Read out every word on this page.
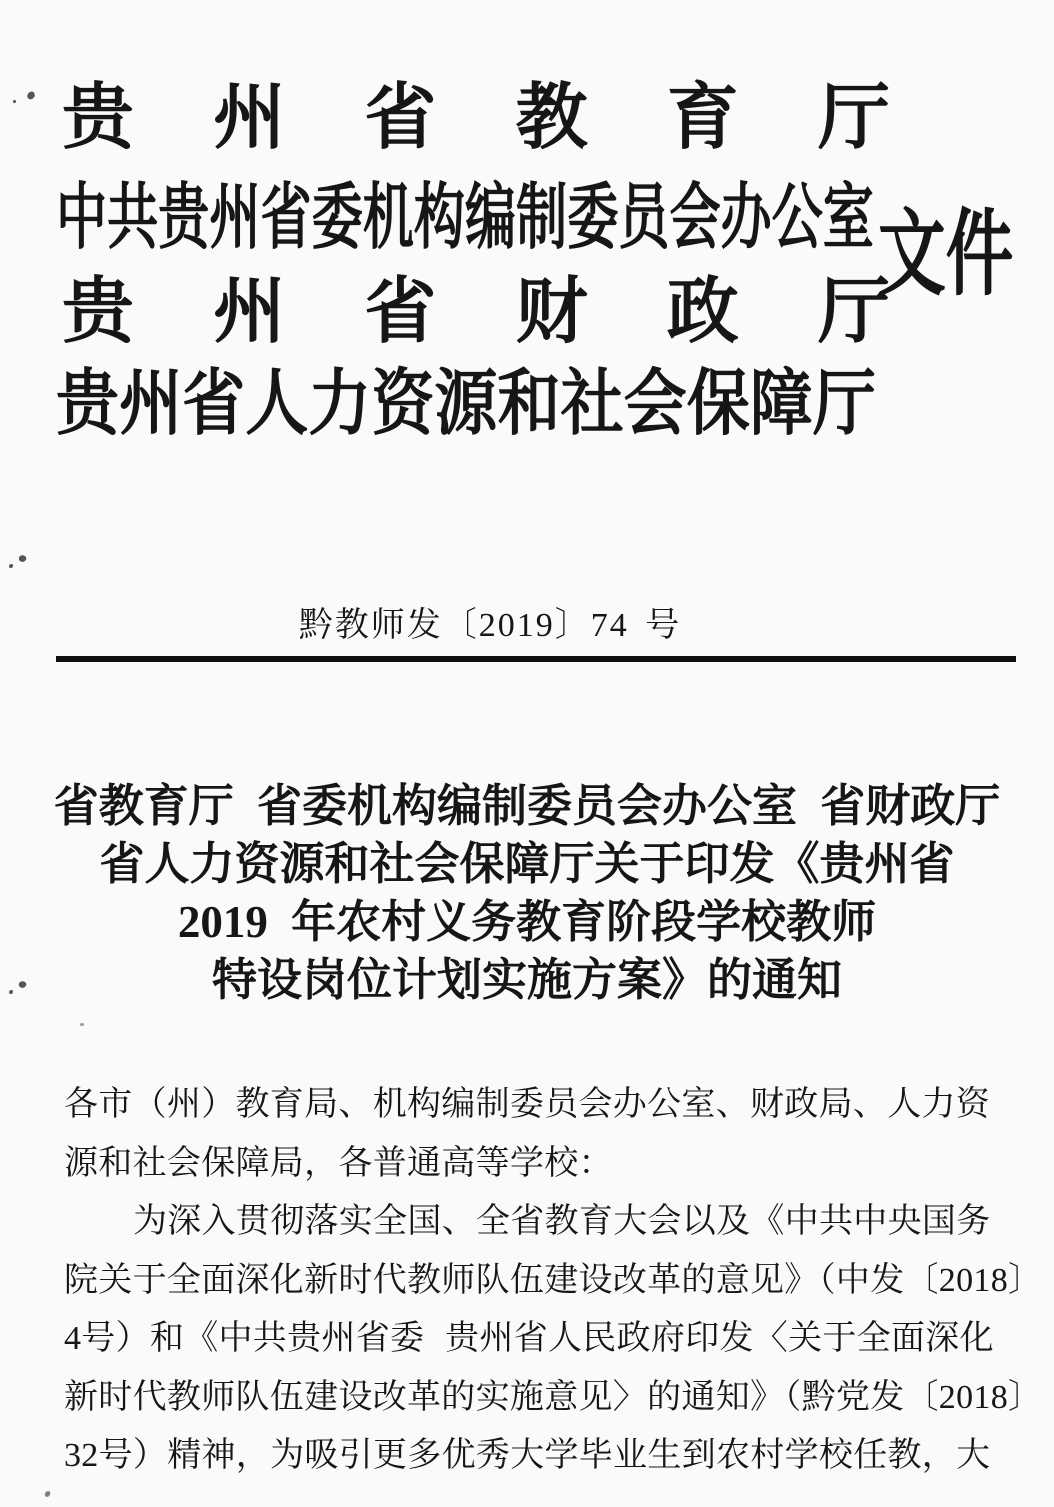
贵 州 省 教 育 厅
中共贵州省委机构编制委员会办公室
贵 州 省 财 政 厅
贵州省人力资源和社会保障厅
文件
黔教师发〔2019〕74 号
省教育厅 省委机构编制委员会办公室 省财政厅
省人力资源和社会保障厅关于印发《贵州省
2019 年农村义务教育阶段学校教师
特设岗位计划实施方案》的通知
各市（州）教育局、机构编制委员会办公室、财政局、人力资
源和社会保障局，各普通高等学校：
为深入贯彻落实全国、全省教育大会以及《中共中央国务
院关于全面深化新时代教师队伍建设改革的意见》（中发〔2018〕
4号）和《中共贵州省委 贵州省人民政府印发〈关于全面深化
新时代教师队伍建设改革的实施意见〉的通知》（黔党发〔2018〕
32号）精神，为吸引更多优秀大学毕业生到农村学校任教，大
